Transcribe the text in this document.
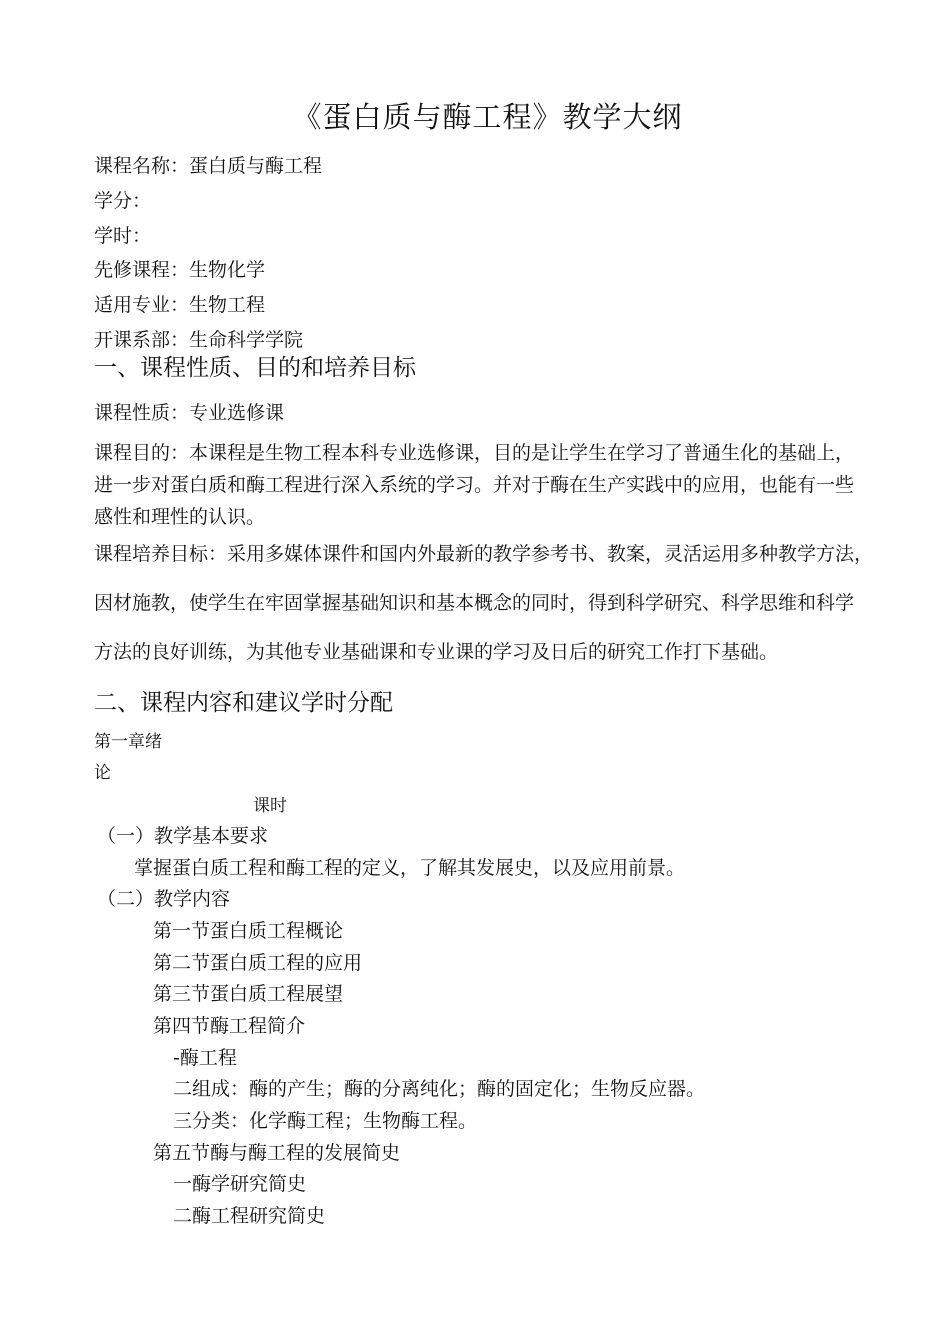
《蛋白质与酶工程》教学大纲
课程名称：蛋白质与酶工程
学分：
学时：
先修课程：生物化学
适用专业：生物工程
开课系部：生命科学学院
一、课程性质、目的和培养目标
课程性质：专业选修课
课程目的：本课程是生物工程本科专业选修课，目的是让学生在学习了普通生化的基础上，
进一步对蛋白质和酶工程进行深入系统的学习。并对于酶在生产实践中的应用，也能有一些
感性和理性的认识。
课程培养目标：采用多媒体课件和国内外最新的教学参考书、教案，灵活运用多种教学方法，
因材施教，使学生在牢固掌握基础知识和基本概念的同时，得到科学研究、科学思维和科学
方法的良好训练，为其他专业基础课和专业课的学习及日后的研究工作打下基础。
二、课程内容和建议学时分配
第一章绪
论
课时
（一）教学基本要求
掌握蛋白质工程和酶工程的定义，了解其发展史，以及应用前景。
（二）教学内容
第一节蛋白质工程概论
第二节蛋白质工程的应用
第三节蛋白质工程展望
第四节酶工程简介
-酶工程
二组成：酶的产生；酶的分离纯化；酶的固定化；生物反应器。
三分类：化学酶工程；生物酶工程。
第五节酶与酶工程的发展简史
一酶学研究简史
二酶工程研究简史
